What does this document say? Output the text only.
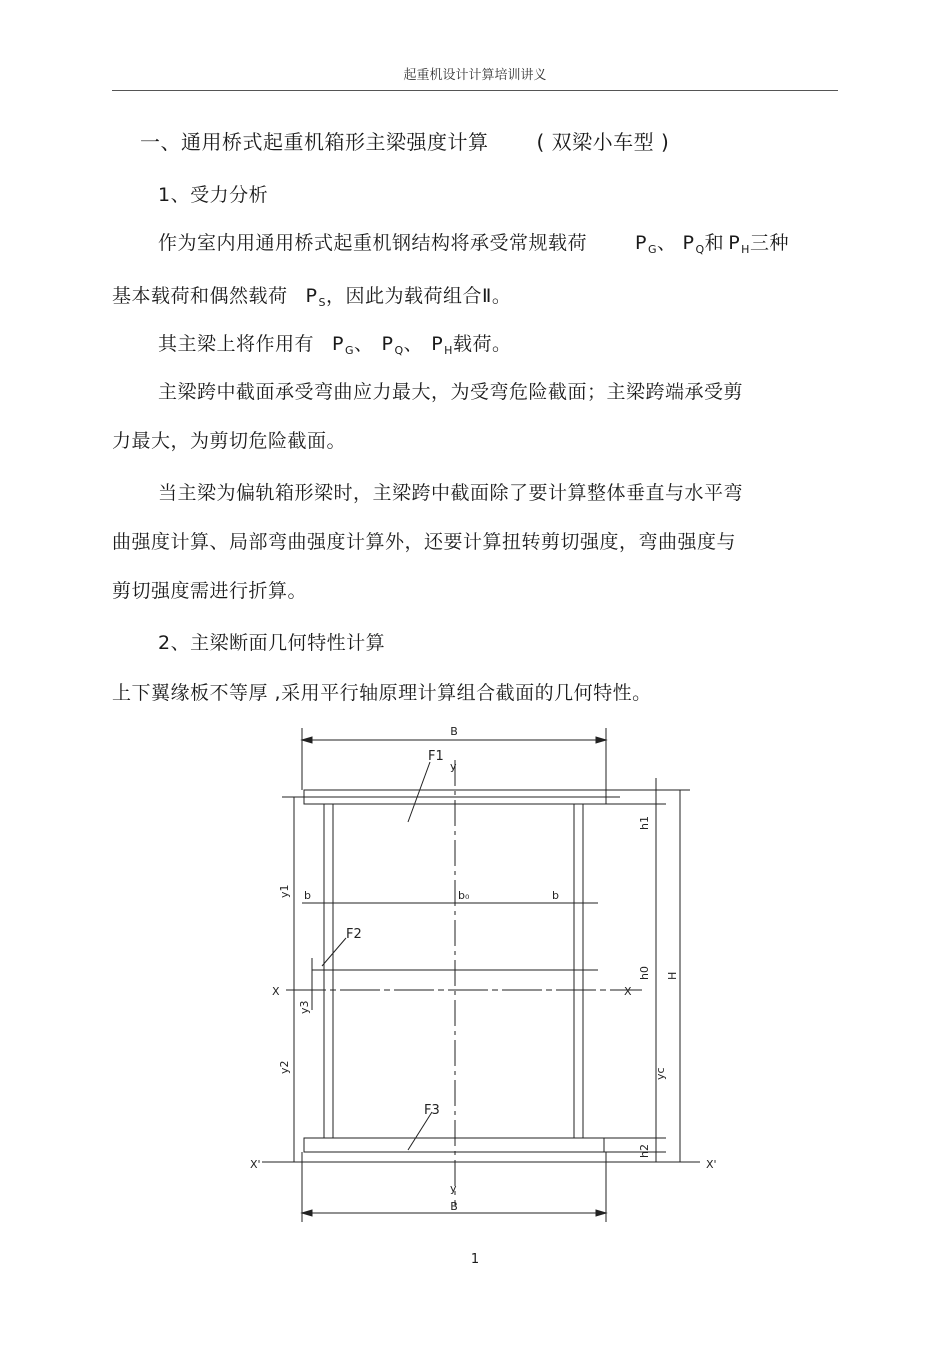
起重机设计计算培训讲义
一、通用桥式起重机箱形主梁强度计算 ( 双梁小车型 )
1、受力分析
作为室内用通用桥式起重机钢结构将承受常规载荷	$P_G$、 $P_Q$和 $P_H$三种
基本载荷和偶然载荷 $P_S$，因此为载荷组合Ⅱ。
其主梁上将作用有 $P_G$、 $P_Q$、 $P_H$载荷。
主梁跨中截面承受弯曲应力最大，为受弯危险截面；主梁跨端承受剪
力最大，为剪切危险截面。
当主梁为偏轨箱形梁时，主梁跨中截面除了要计算整体垂直与水平弯
曲强度计算、局部弯曲强度计算外，还要计算扭转剪切强度，弯曲强度与
剪切强度需进行折算。
2、主梁断面几何特性计算
上下翼缘板不等厚 ,采用平行轴原理计算组合截面的几何特性。
B
B
F1
F2
F3
y
y
b	b
b₀
X	X
X'	X'
h1
h0 H
yc
h2
y1
y2
y3
1
